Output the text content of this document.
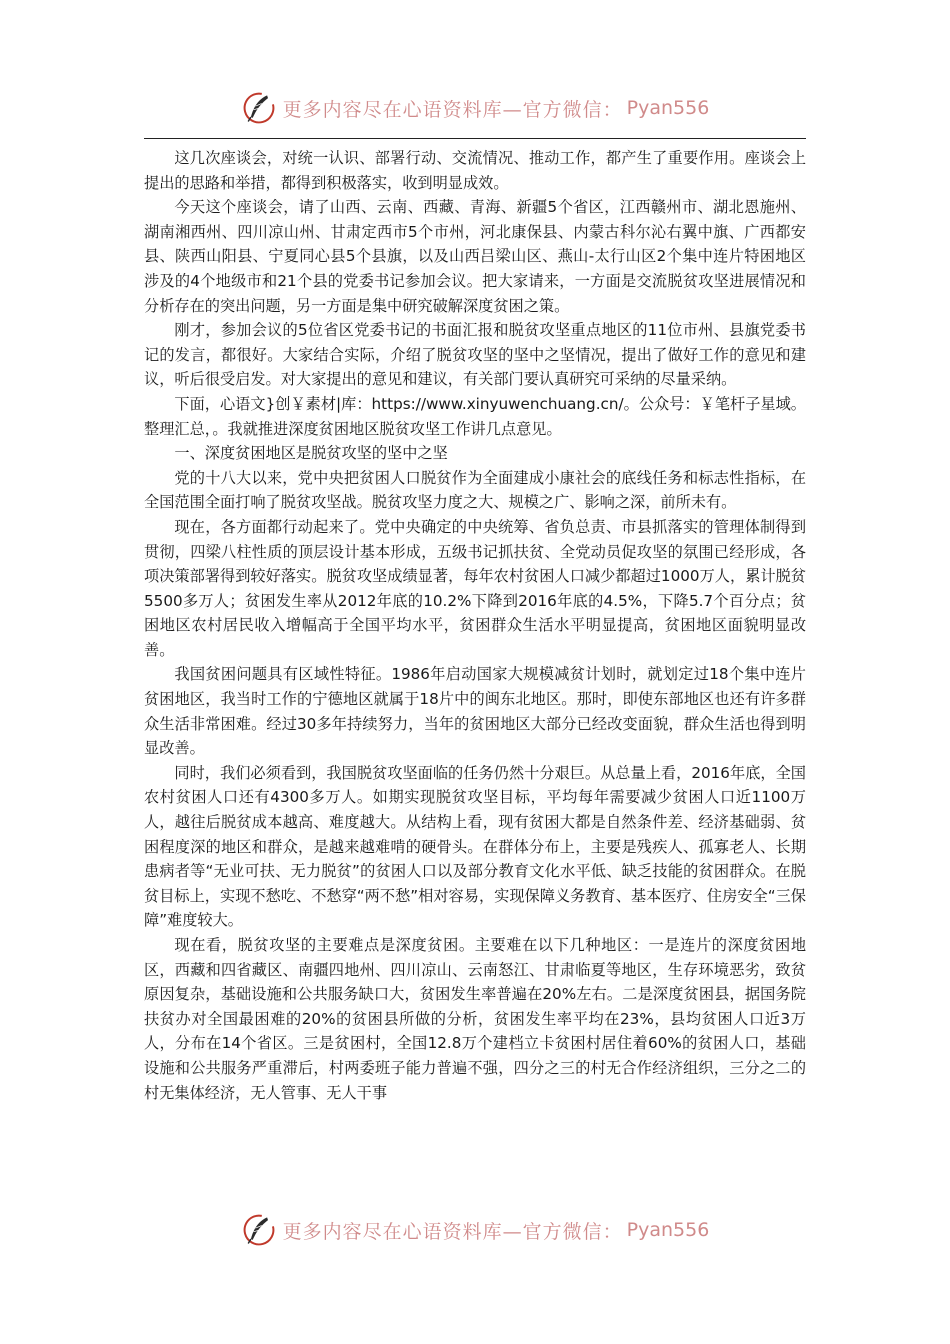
更多内容尽在心语资料库—官方微信： Pyan556

这几次座谈会，对统一认识、部署行动、交流情况、推动工作，都产生了重要作用。座谈会上提出的思路和举措，都得到积极落实，收到明显成效。

今天这个座谈会，请了山西、云南、西藏、青海、新疆5个省区，江西赣州市、湖北恩施州、湖南湘西州、四川凉山州、甘肃定西市5个市州，河北康保县、内蒙古科尔沁右翼中旗、广西都安县、陕西山阳县、宁夏同心县5个县旗，以及山西吕梁山区、燕山-太行山区2个集中连片特困地区涉及的4个地级市和21个县的党委书记参加会议。把大家请来，一方面是交流脱贫攻坚进展情况和分析存在的突出问题，另一方面是集中研究破解深度贫困之策。

刚才，参加会议的5位省区党委书记的书面汇报和脱贫攻坚重点地区的11位市州、县旗党委书记的发言，都很好。大家结合实际，介绍了脱贫攻坚的坚中之坚情况，提出了做好工作的意见和建议，听后很受启发。对大家提出的意见和建议，有关部门要认真研究可采纳的尽量采纳。

下面，心语文}创￥素材|库：https://www.xinyuwenchuang.cn/。公众号：￥笔杆子星域。整理汇总，。我就推进深度贫困地区脱贫攻坚工作讲几点意见。

一、深度贫困地区是脱贫攻坚的坚中之坚

党的十八大以来，党中央把贫困人口脱贫作为全面建成小康社会的底线任务和标志性指标，在全国范围全面打响了脱贫攻坚战。脱贫攻坚力度之大、规模之广、影响之深，前所未有。

现在，各方面都行动起来了。党中央确定的中央统筹、省负总责、市县抓落实的管理体制得到贯彻，四梁八柱性质的顶层设计基本形成，五级书记抓扶贫、全党动员促攻坚的氛围已经形成，各项决策部署得到较好落实。脱贫攻坚成绩显著，每年农村贫困人口减少都超过1000万人，累计脱贫5500多万人；贫困发生率从2012年底的10.2%下降到2016年底的4.5%，下降5.7个百分点；贫困地区农村居民收入增幅高于全国平均水平，贫困群众生活水平明显提高，贫困地区面貌明显改善。

我国贫困问题具有区域性特征。1986年启动国家大规模减贫计划时，就划定过18个集中连片贫困地区，我当时工作的宁德地区就属于18片中的闽东北地区。那时，即使东部地区也还有许多群众生活非常困难。经过30多年持续努力，当年的贫困地区大部分已经改变面貌，群众生活也得到明显改善。

同时，我们必须看到，我国脱贫攻坚面临的任务仍然十分艰巨。从总量上看，2016年底，全国农村贫困人口还有4300多万人。如期实现脱贫攻坚目标，平均每年需要减少贫困人口近1100万人，越往后脱贫成本越高、难度越大。从结构上看，现有贫困大都是自然条件差、经济基础弱、贫困程度深的地区和群众，是越来越难啃的硬骨头。在群体分布上，主要是残疾人、孤寡老人、长期患病者等“无业可扶、无力脱贫”的贫困人口以及部分教育文化水平低、缺乏技能的贫困群众。在脱贫目标上，实现不愁吃、不愁穿“两不愁”相对容易，实现保障义务教育、基本医疗、住房安全“三保障”难度较大。

现在看，脱贫攻坚的主要难点是深度贫困。主要难在以下几种地区：一是连片的深度贫困地区，西藏和四省藏区、南疆四地州、四川凉山、云南怒江、甘肃临夏等地区，生存环境恶劣，致贫原因复杂，基础设施和公共服务缺口大，贫困发生率普遍在20%左右。二是深度贫困县，据国务院扶贫办对全国最困难的20%的贫困县所做的分析，贫困发生率平均在23%，县均贫困人口近3万人，分布在14个省区。三是贫困村，全国12.8万个建档立卡贫困村居住着60%的贫困人口，基础设施和公共服务严重滞后，村两委班子能力普遍不强，四分之三的村无合作经济组织，三分之二的村无集体经济，无人管事、无人干事

更多内容尽在心语资料库—官方微信： Pyan556
